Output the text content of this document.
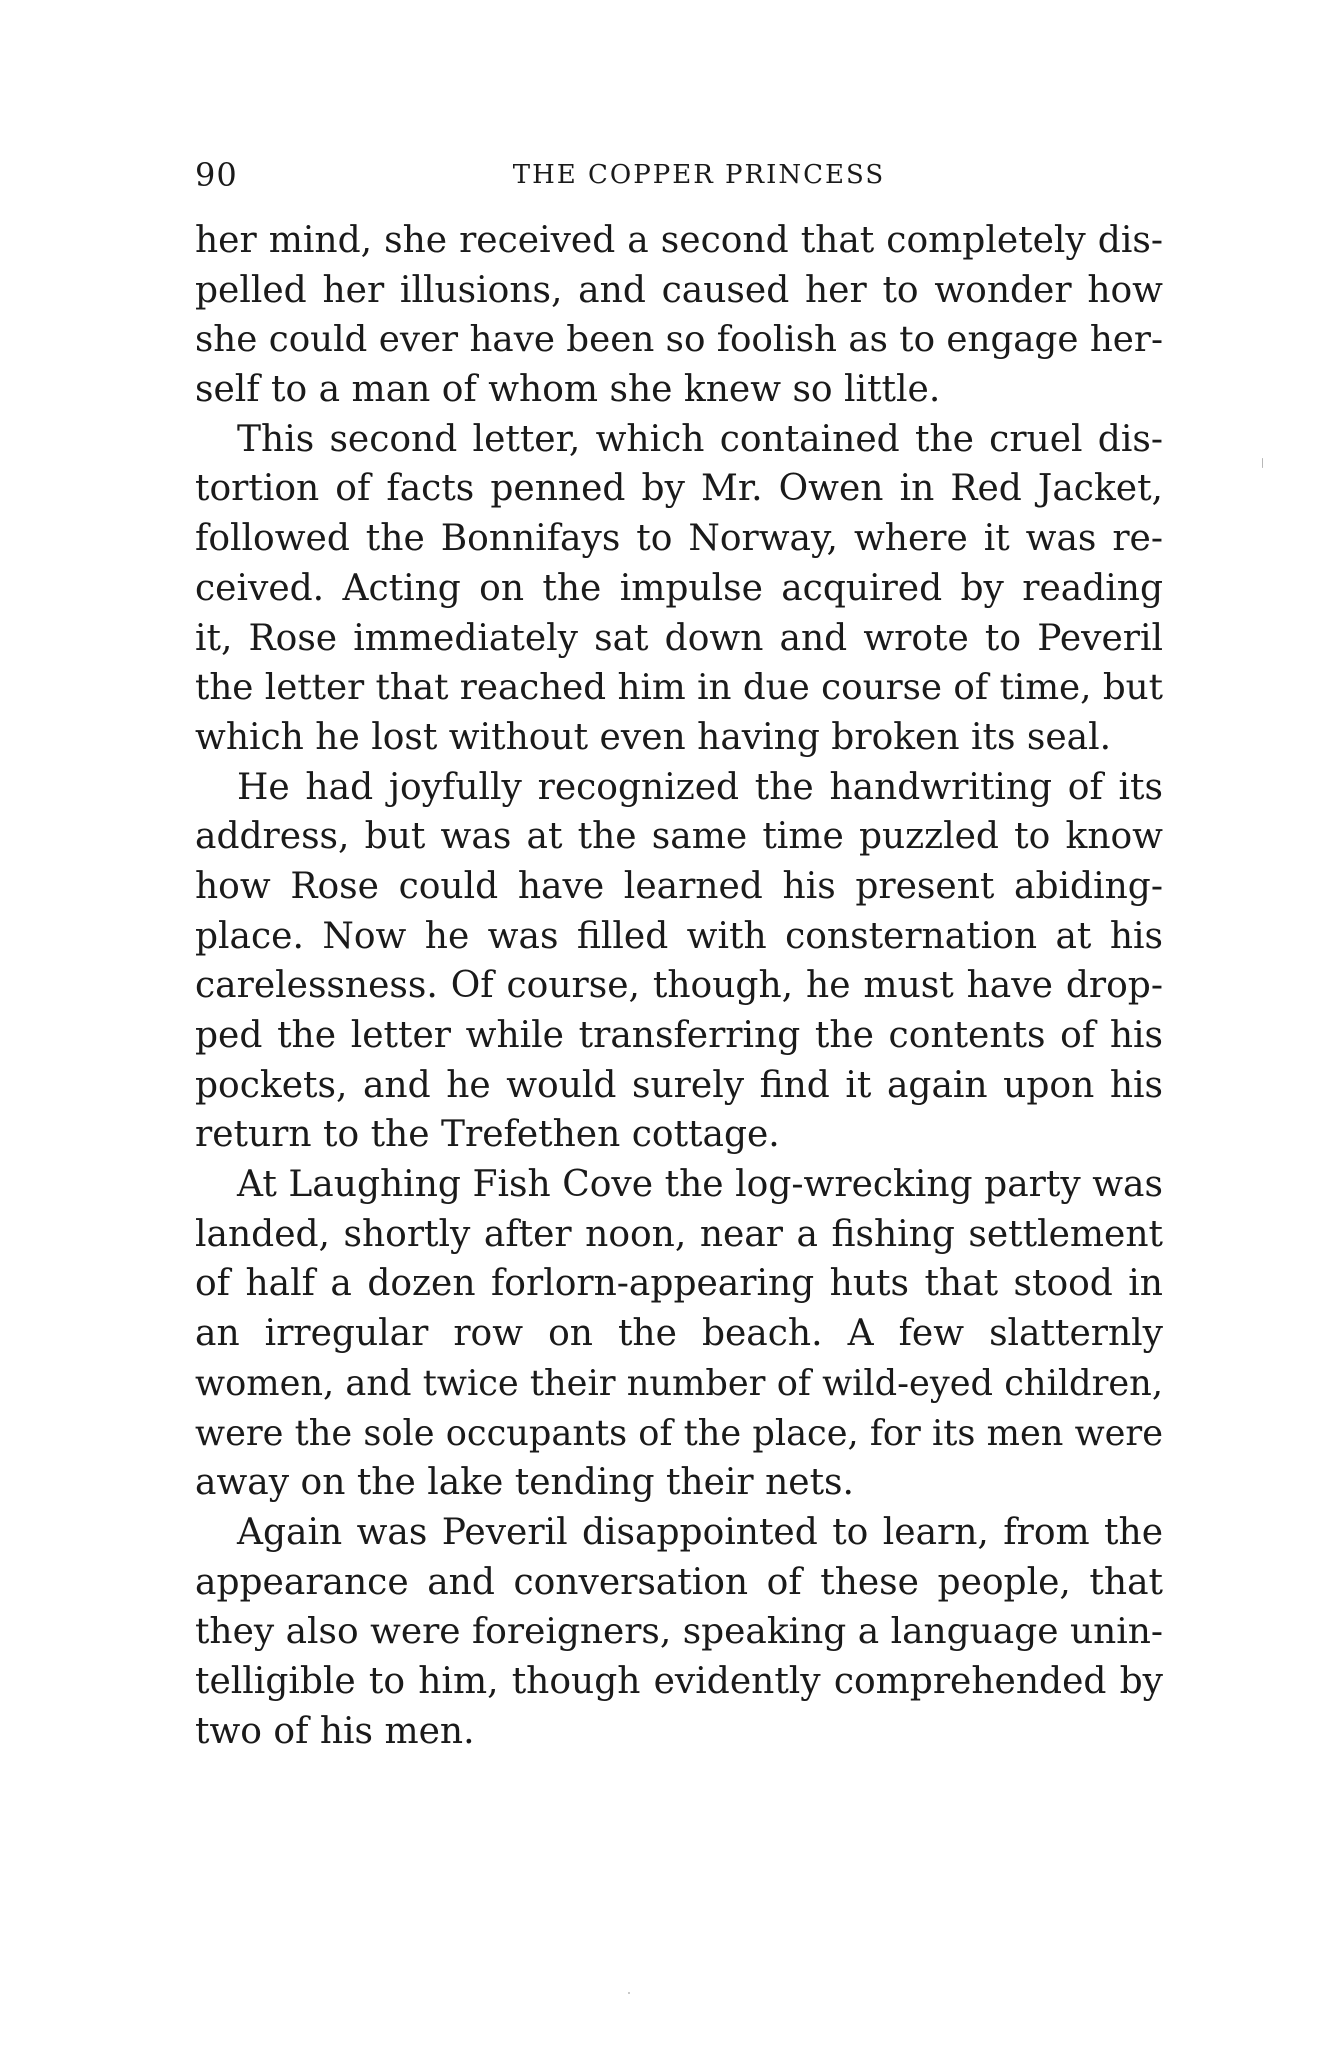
90	THE COPPER PRINCESS
her mind, she received a second that completely dis-
pelled her illusions, and caused her to wonder how
she could ever have been so foolish as to engage her-
self to a man of whom she knew so little.
This second letter, which contained the cruel dis-
tortion of facts penned by Mr. Owen in Red Jacket,
followed the Bonnifays to Norway, where it was re-
ceived. Acting on the impulse acquired by reading
it, Rose immediately sat down and wrote to Peveril
the letter that reached him in due course of time, but
which he lost without even having broken its seal.
He had joyfully recognized the handwriting of its
address, but was at the same time puzzled to know
how Rose could have learned his present abiding-
place. Now he was filled with consternation at his
carelessness. Of course, though, he must have drop-
ped the letter while transferring the contents of his
pockets, and he would surely find it again upon his
return to the Trefethen cottage.
At Laughing Fish Cove the log-wrecking party was
landed, shortly after noon, near a fishing settlement
of half a dozen forlorn-appearing huts that stood in
an irregular row on the beach. A few slatternly
women, and twice their number of wild-eyed children,
were the sole occupants of the place, for its men were
away on the lake tending their nets.
Again was Peveril disappointed to learn, from the
appearance and conversation of these people, that
they also were foreigners, speaking a language unin-
telligible to him, though evidently comprehended by
two of his men.
